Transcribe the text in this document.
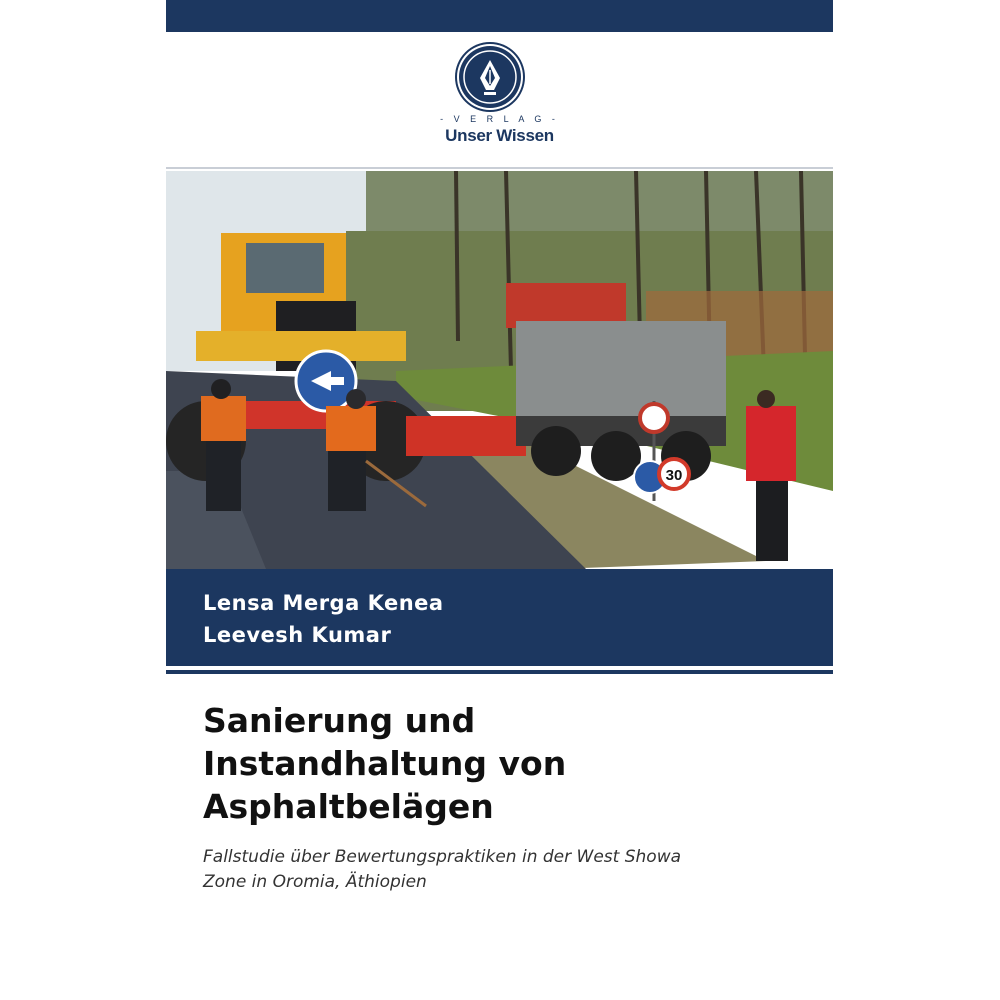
- V E R L A G -
Unser Wissen
30
Lensa Merga Kenea
Leevesh Kumar
Sanierung und
Instandhaltung von
Asphaltbelägen
Fallstudie über Bewertungspraktiken in der West Showa
Zone in Oromia, Äthiopien
